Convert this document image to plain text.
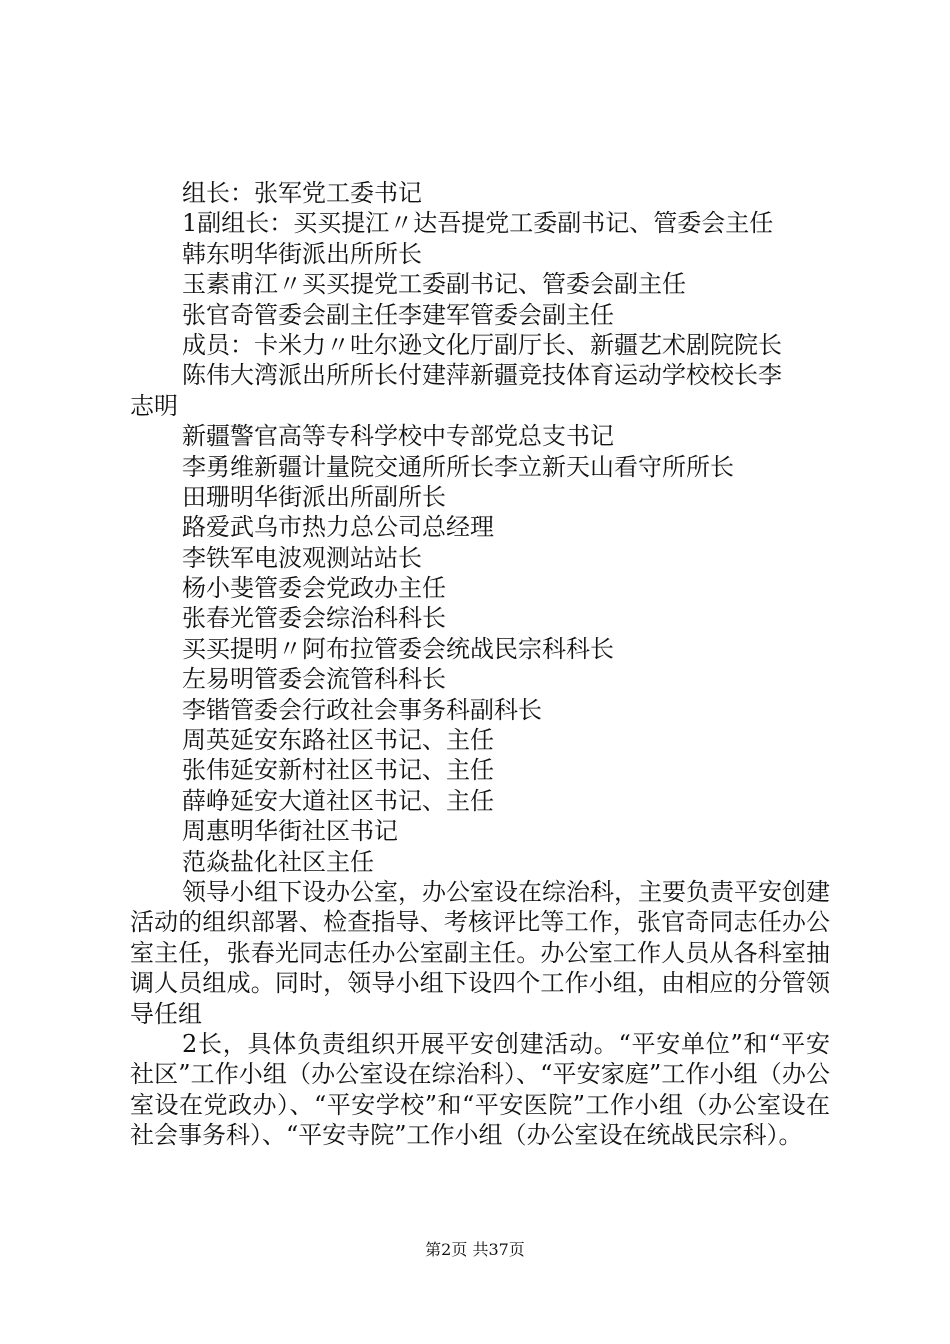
组长：张军党工委书记
1副组长：买买提江〃达吾提党工委副书记、管委会主任
韩东明华街派出所所长
玉素甫江〃买买提党工委副书记、管委会副主任
张官奇管委会副主任李建军管委会副主任
成员：卡米力〃吐尔逊文化厅副厅长、新疆艺术剧院院长
陈伟大湾派出所所长付建萍新疆竞技体育运动学校校长李
志明
新疆警官高等专科学校中专部党总支书记
李勇维新疆计量院交通所所长李立新天山看守所所长
田珊明华街派出所副所长
路爱武乌市热力总公司总经理
李铁军电波观测站站长
杨小斐管委会党政办主任
张春光管委会综治科科长
买买提明〃阿布拉管委会统战民宗科科长
左易明管委会流管科科长
李锴管委会行政社会事务科副科长
周英延安东路社区书记、主任
张伟延安新村社区书记、主任
薛峥延安大道社区书记、主任
周惠明华街社区书记
范焱盐化社区主任

领导小组下设办公室，办公室设在综治科，主要负责平安创建活动的组织部署、检查指导、考核评比等工作，张官奇同志任办公室主任，张春光同志任办公室副主任。办公室工作人员从各科室抽调人员组成。同时，领导小组下设四个工作小组，由相应的分管领导任组

2长，具体负责组织开展平安创建活动。“平安单位”和“平安社区”工作小组（办公室设在综治科）、“平安家庭”工作小组（办公室设在党政办）、“平安学校”和“平安医院”工作小组（办公室设在社会事务科）、“平安寺院”工作小组（办公室设在统战民宗科）。

第2页 共37页
